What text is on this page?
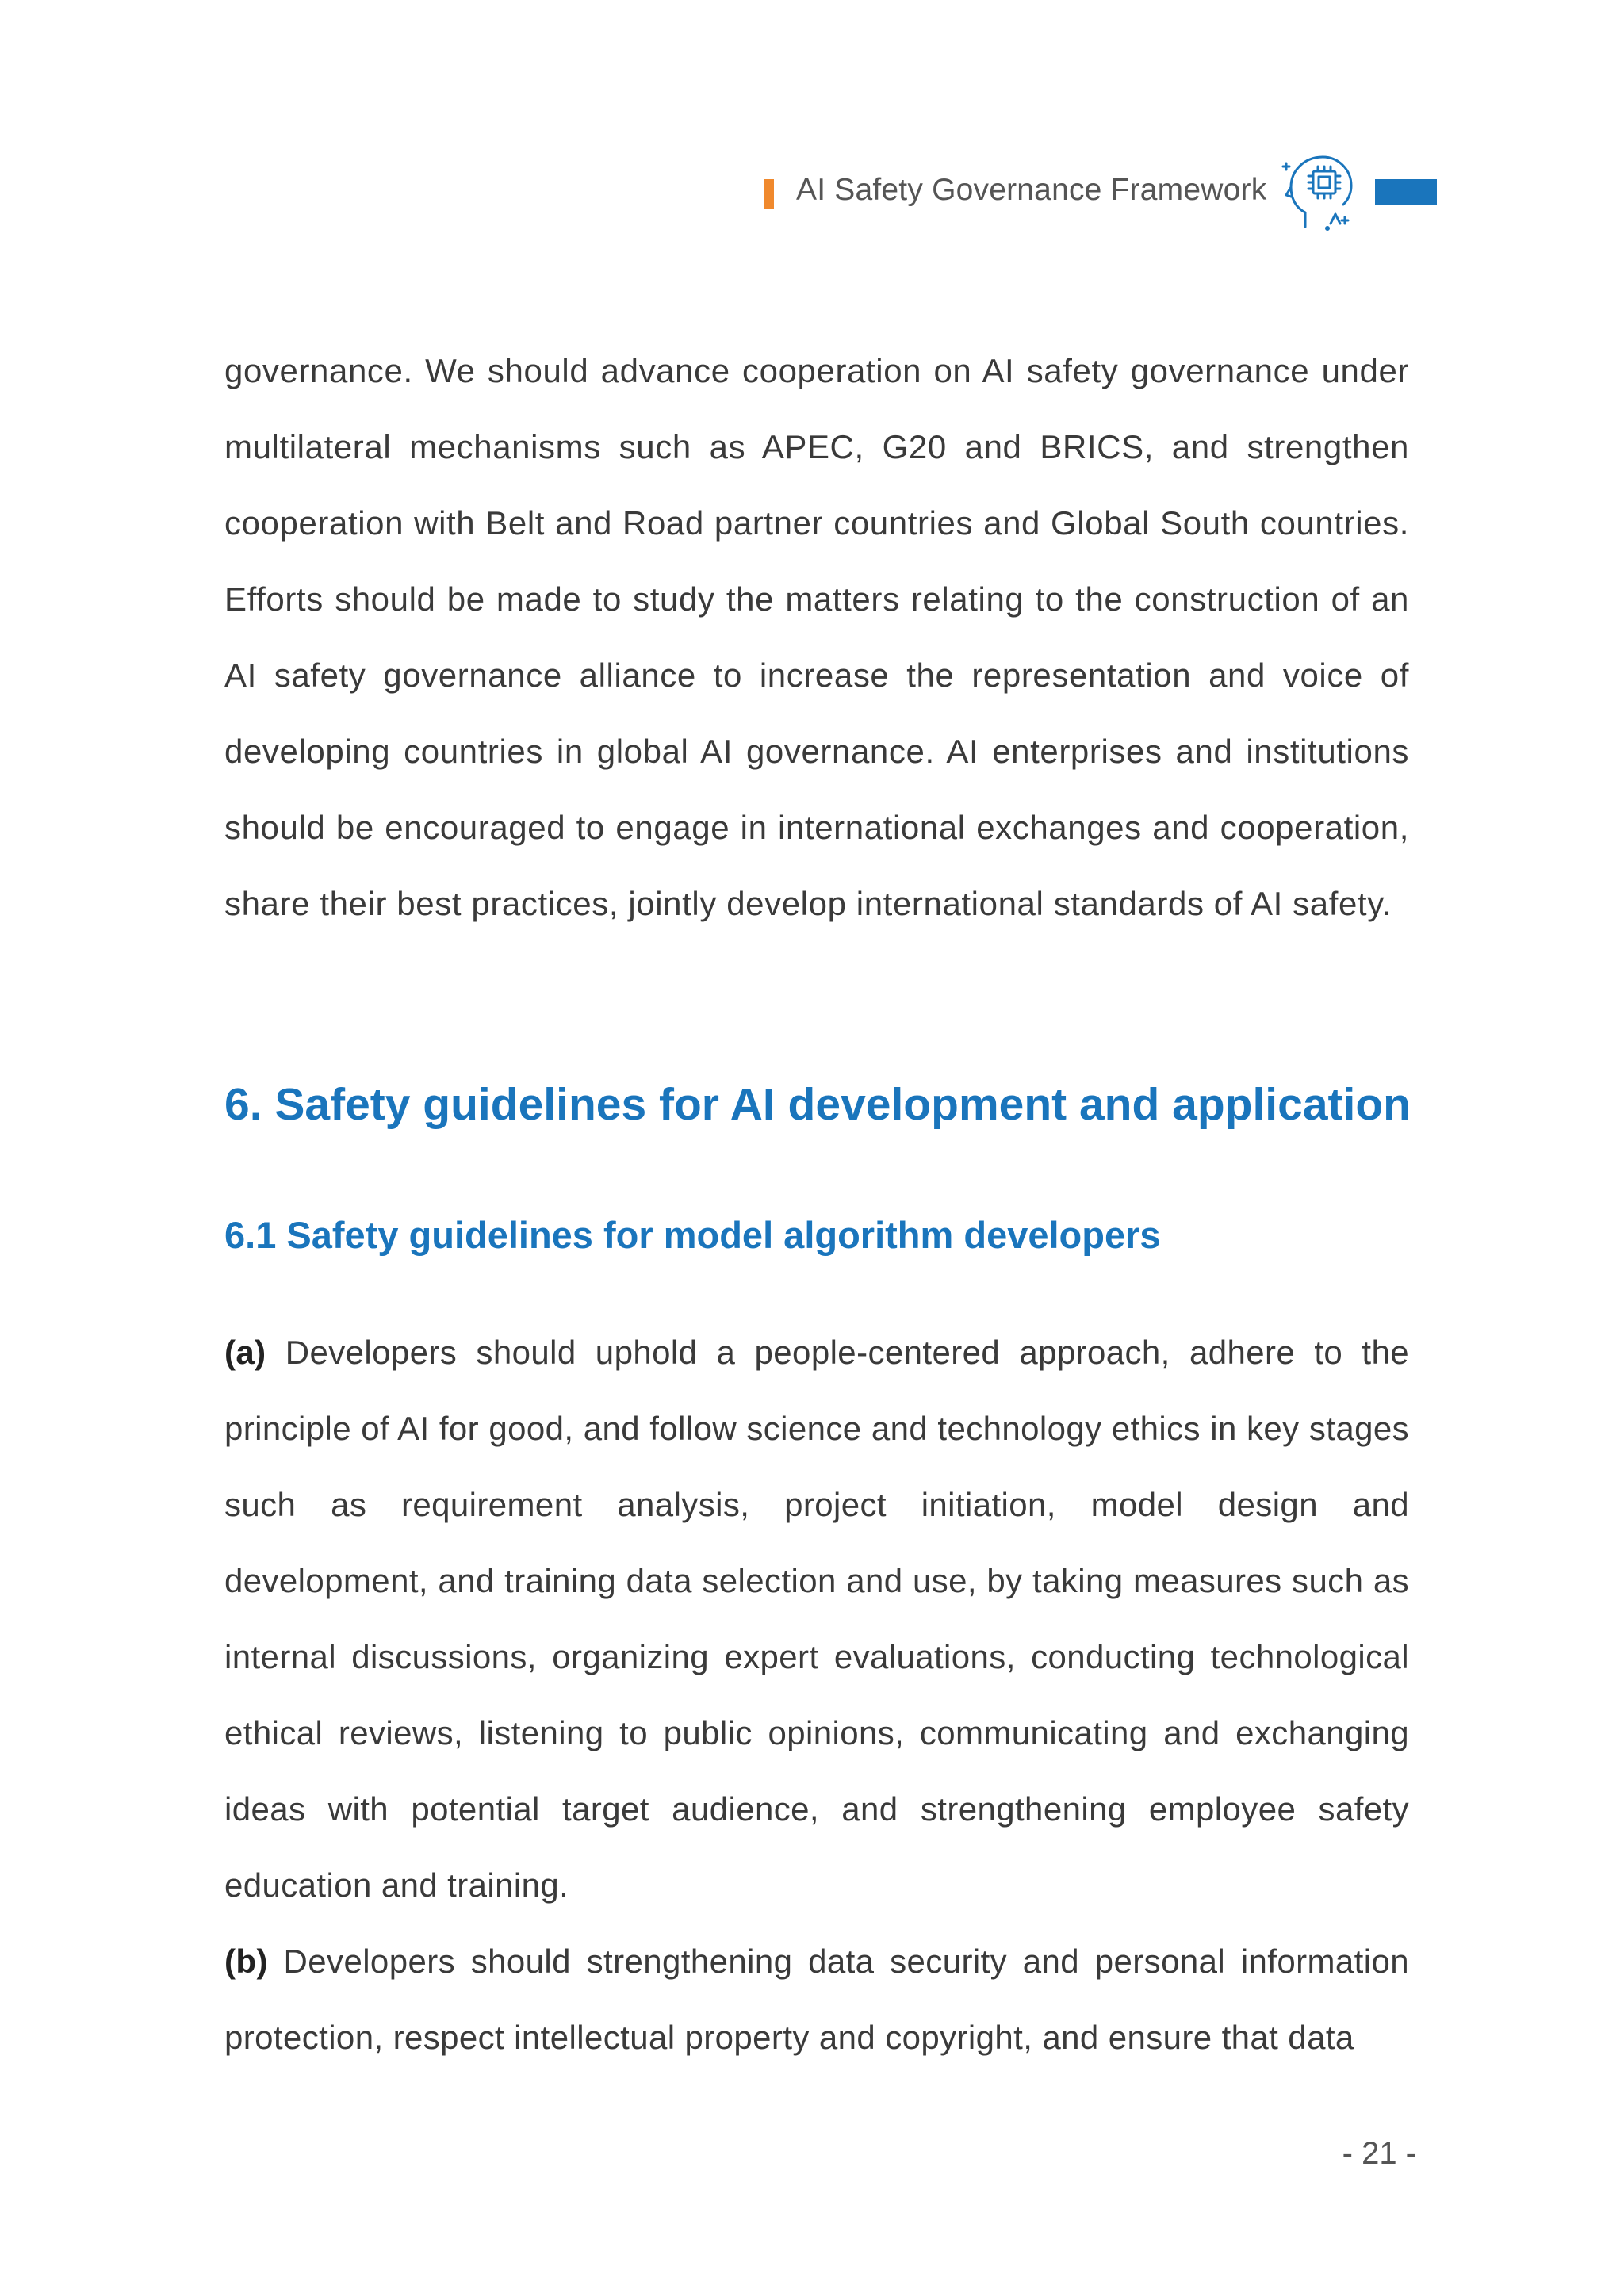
AI Safety Governance Framework

governance. We should advance cooperation on AI safety governance under multilateral mechanisms such as APEC, G20 and BRICS, and strengthen cooperation with Belt and Road partner countries and Global South countries. Efforts should be made to study the matters relating to the construction of an AI safety governance alliance to increase the representation and voice of developing countries in global AI governance. AI enterprises and institutions should be encouraged to engage in international exchanges and cooperation, share their best practices, jointly develop international standards of AI safety.

6. Safety guidelines for AI development and application
6.1 Safety guidelines for model algorithm developers

(a) Developers should uphold a people-centered approach, adhere to the principle of AI for good, and follow science and technology ethics in key stages such as requirement analysis, project initiation, model design and development, and training data selection and use, by taking measures such as internal discussions, organizing expert evaluations, conducting technological ethical reviews, listening to public opinions, communicating and exchanging ideas with potential target audience, and strengthening employee safety education and training.

(b) Developers should strengthening data security and personal information protection, respect intellectual property and copyright, and ensure that data

- 21 -
